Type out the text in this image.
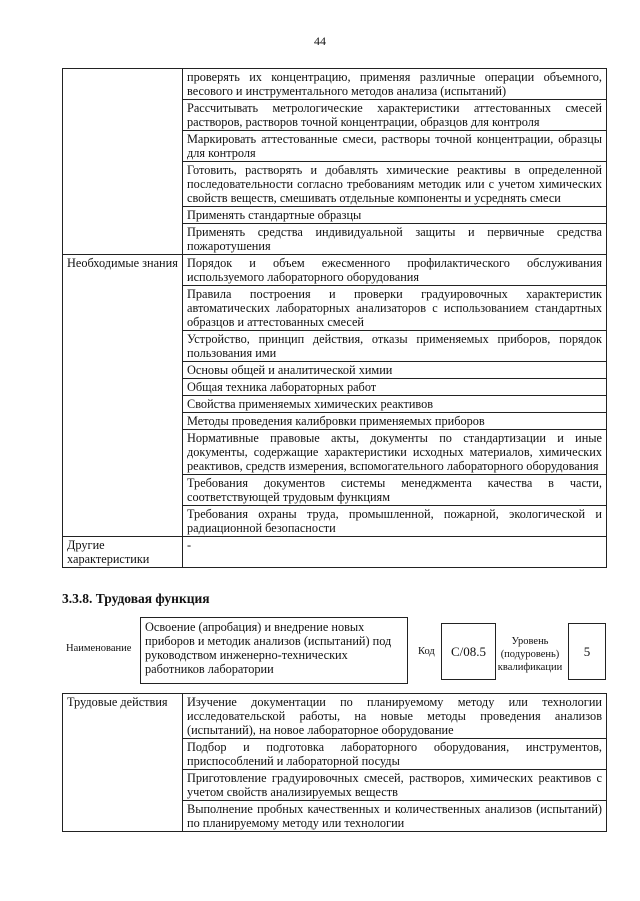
44
	проверять их концентрацию, применяя различные операции объемного, весового и инструментального методов анализа (испытаний)
	Рассчитывать метрологические характеристики аттестованных смесей растворов, растворов точной концентрации, образцов для контроля
	Маркировать аттестованные смеси, растворы точной концентрации, образцы для контроля
	Готовить, растворять и добавлять химические реактивы в определенной последовательности согласно требованиям методик или с учетом химических свойств веществ, смешивать отдельные компоненты и усреднять смеси
	Применять стандартные образцы
	Применять средства индивидуальной защиты и первичные средства пожаротушения
Необходимые знания	Порядок и объем ежесменного профилактического обслуживания используемого лабораторного оборудования
	Правила построения и проверки градуировочных характеристик автоматических лабораторных анализаторов с использованием стандартных образцов и аттестованных смесей
	Устройство, принцип действия, отказы применяемых приборов, порядок пользования ими
	Основы общей и аналитической химии
	Общая техника лабораторных работ
	Свойства применяемых химических реактивов
	Методы проведения калибровки применяемых приборов
	Нормативные правовые акты, документы по стандартизации и иные документы, содержащие характеристики исходных материалов, химических реактивов, средств измерения, вспомогательного лабораторного оборудования
	Требования документов системы менеджмента качества в части, соответствующей трудовым функциям
	Требования охраны труда, промышленной, пожарной, экологической и радиационной безопасности
Другие характеристики	-
3.3.8. Трудовая функция
Наименование
Освоение (апробация) и внедрение новых приборов и методик анализов (испытаний) под руководством инженерно-технических работников лаборатории
Код	C/08.5
Уровень (подуровень) квалификации
5
Трудовые действия	Изучение документации по планируемому методу или технологии исследовательской работы, на новые методы проведения анализов (испытаний), на новое лабораторное оборудование
Подбор и подготовка лабораторного оборудования, инструментов, приспособлений и лабораторной посуды
Приготовление градуировочных смесей, растворов, химических реактивов с учетом свойств анализируемых веществ
Выполнение пробных качественных и количественных анализов (испытаний) по планируемому методу или технологии
